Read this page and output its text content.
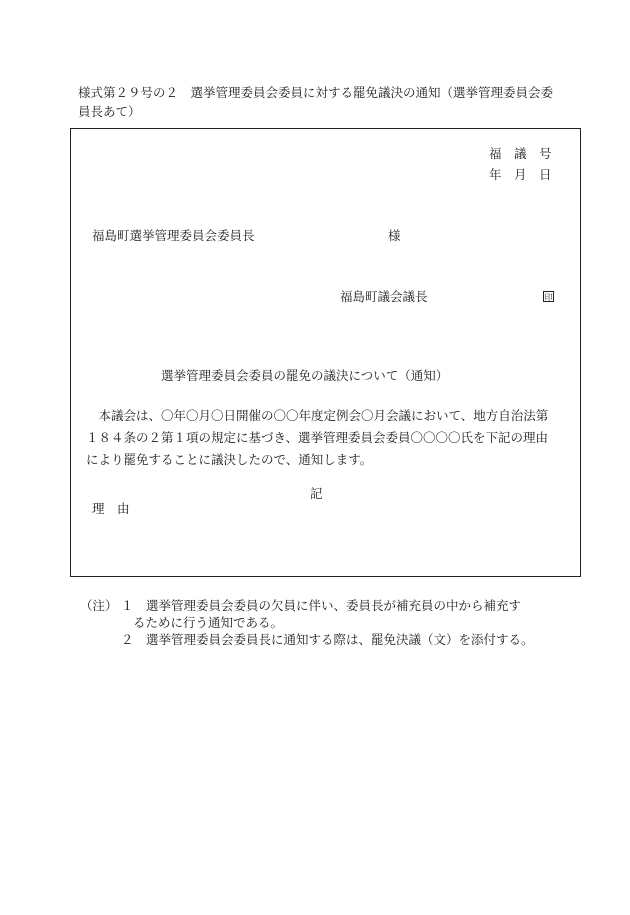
様式第２９号の２　選挙管理委員会委員に対する罷免議決の通知（選挙管理委員会委員長あて）
福　議　号
年　月　日
福島町選挙管理委員会委員長	様
福島町議会議長	印
選挙管理委員会委員の罷免の議決について（通知）
本議会は、〇年〇月〇日開催の〇〇年度定例会〇月会議において、地方自治法第１８４条の２第１項の規定に基づき、選挙管理委員会委員〇〇〇〇氏を下記の理由により罷免することに議決したので、通知します。
記
理　由
（注） １ 選挙管理委員会委員の欠員に伴い、委員長が補充員の中から補充す
るために行う通知である。
２ 選挙管理委員会委員長に通知する際は、罷免決議（文）を添付する。
